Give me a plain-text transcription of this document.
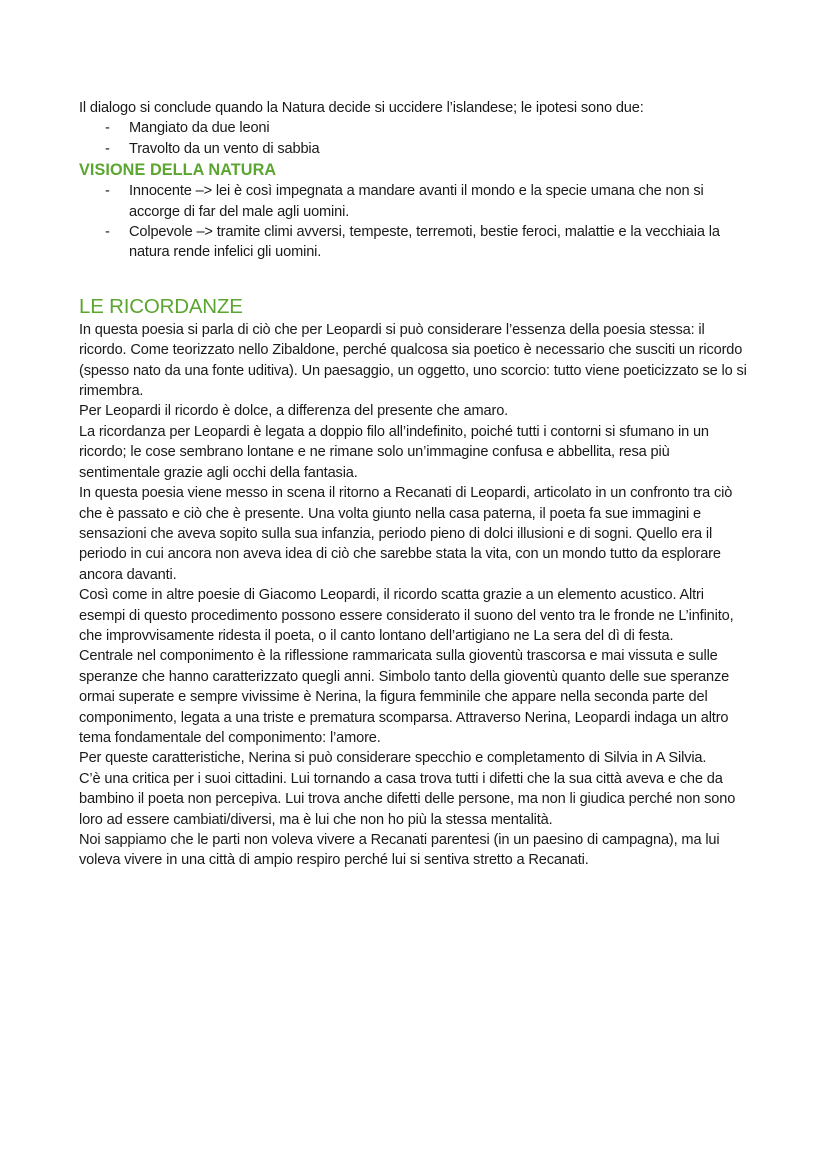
Il dialogo si conclude quando la Natura decide si uccidere l’islandese; le ipotesi sono due:

- Mangiato da due leoni
- Travolto da un vento di sabbia
VISIONE DELLA NATURA
- Innocente –> lei è così impegnata a mandare avanti il mondo e la specie umana che non si accorge di far del male agli uomini.
- Colpevole –> tramite climi avversi, tempeste, terremoti, bestie feroci, malattie e la vecchiaia la natura rende infelici gli uomini.
LE RICORDANZE

In questa poesia si parla di ciò che per Leopardi si può considerare l’essenza della poesia stessa: il ricordo. Come teorizzato nello Zibaldone, perché qualcosa sia poetico è necessario che susciti un ricordo (spesso nato da una fonte uditiva). Un paesaggio, un oggetto, uno scorcio: tutto viene poeticizzato se lo si rimembra.

Per Leopardi il ricordo è dolce, a differenza del presente che amaro.

La ricordanza per Leopardi è legata a doppio filo all’indefinito, poiché tutti i contorni si sfumano in un ricordo; le cose sembrano lontane e ne rimane solo un’immagine confusa e abbellita, resa più sentimentale grazie agli occhi della fantasia.

In questa poesia viene messo in scena il ritorno a Recanati di Leopardi, articolato in un confronto tra ciò che è passato e ciò che è presente. Una volta giunto nella casa paterna, il poeta fa sue immagini e sensazioni che aveva sopito sulla sua infanzia, periodo pieno di dolci illusioni e di sogni. Quello era il periodo in cui ancora non aveva idea di ciò che sarebbe stata la vita, con un mondo tutto da esplorare ancora davanti.

Così come in altre poesie di Giacomo Leopardi, il ricordo scatta grazie a un elemento acustico. Altri esempi di questo procedimento possono essere considerato il suono del vento tra le fronde ne L’infinito, che improvvisamente ridesta il poeta, o il canto lontano dell’artigiano ne La sera del dì di festa.

Centrale nel componimento è la riflessione rammaricata sulla gioventù trascorsa e mai vissuta e sulle speranze che hanno caratterizzato quegli anni. Simbolo tanto della gioventù quanto delle sue speranze ormai superate e sempre vivissime è Nerina, la figura femminile che appare nella seconda parte del componimento, legata a una triste e prematura scomparsa. Attraverso Nerina, Leopardi indaga un altro tema fondamentale del componimento: l’amore.

Per queste caratteristiche, Nerina si può considerare specchio e completamento di Silvia in A Silvia.

C’è una critica per i suoi cittadini. Lui tornando a casa trova tutti i difetti che la sua città aveva e che da bambino il poeta non percepiva. Lui trova anche difetti delle persone, ma non li giudica perché non sono loro ad essere cambiati/diversi, ma è lui che non ho più la stessa mentalità.

Noi sappiamo che le parti non voleva vivere a Recanati parentesi (in un paesino di campagna), ma lui voleva vivere in una città di ampio respiro perché lui si sentiva stretto a Recanati.
